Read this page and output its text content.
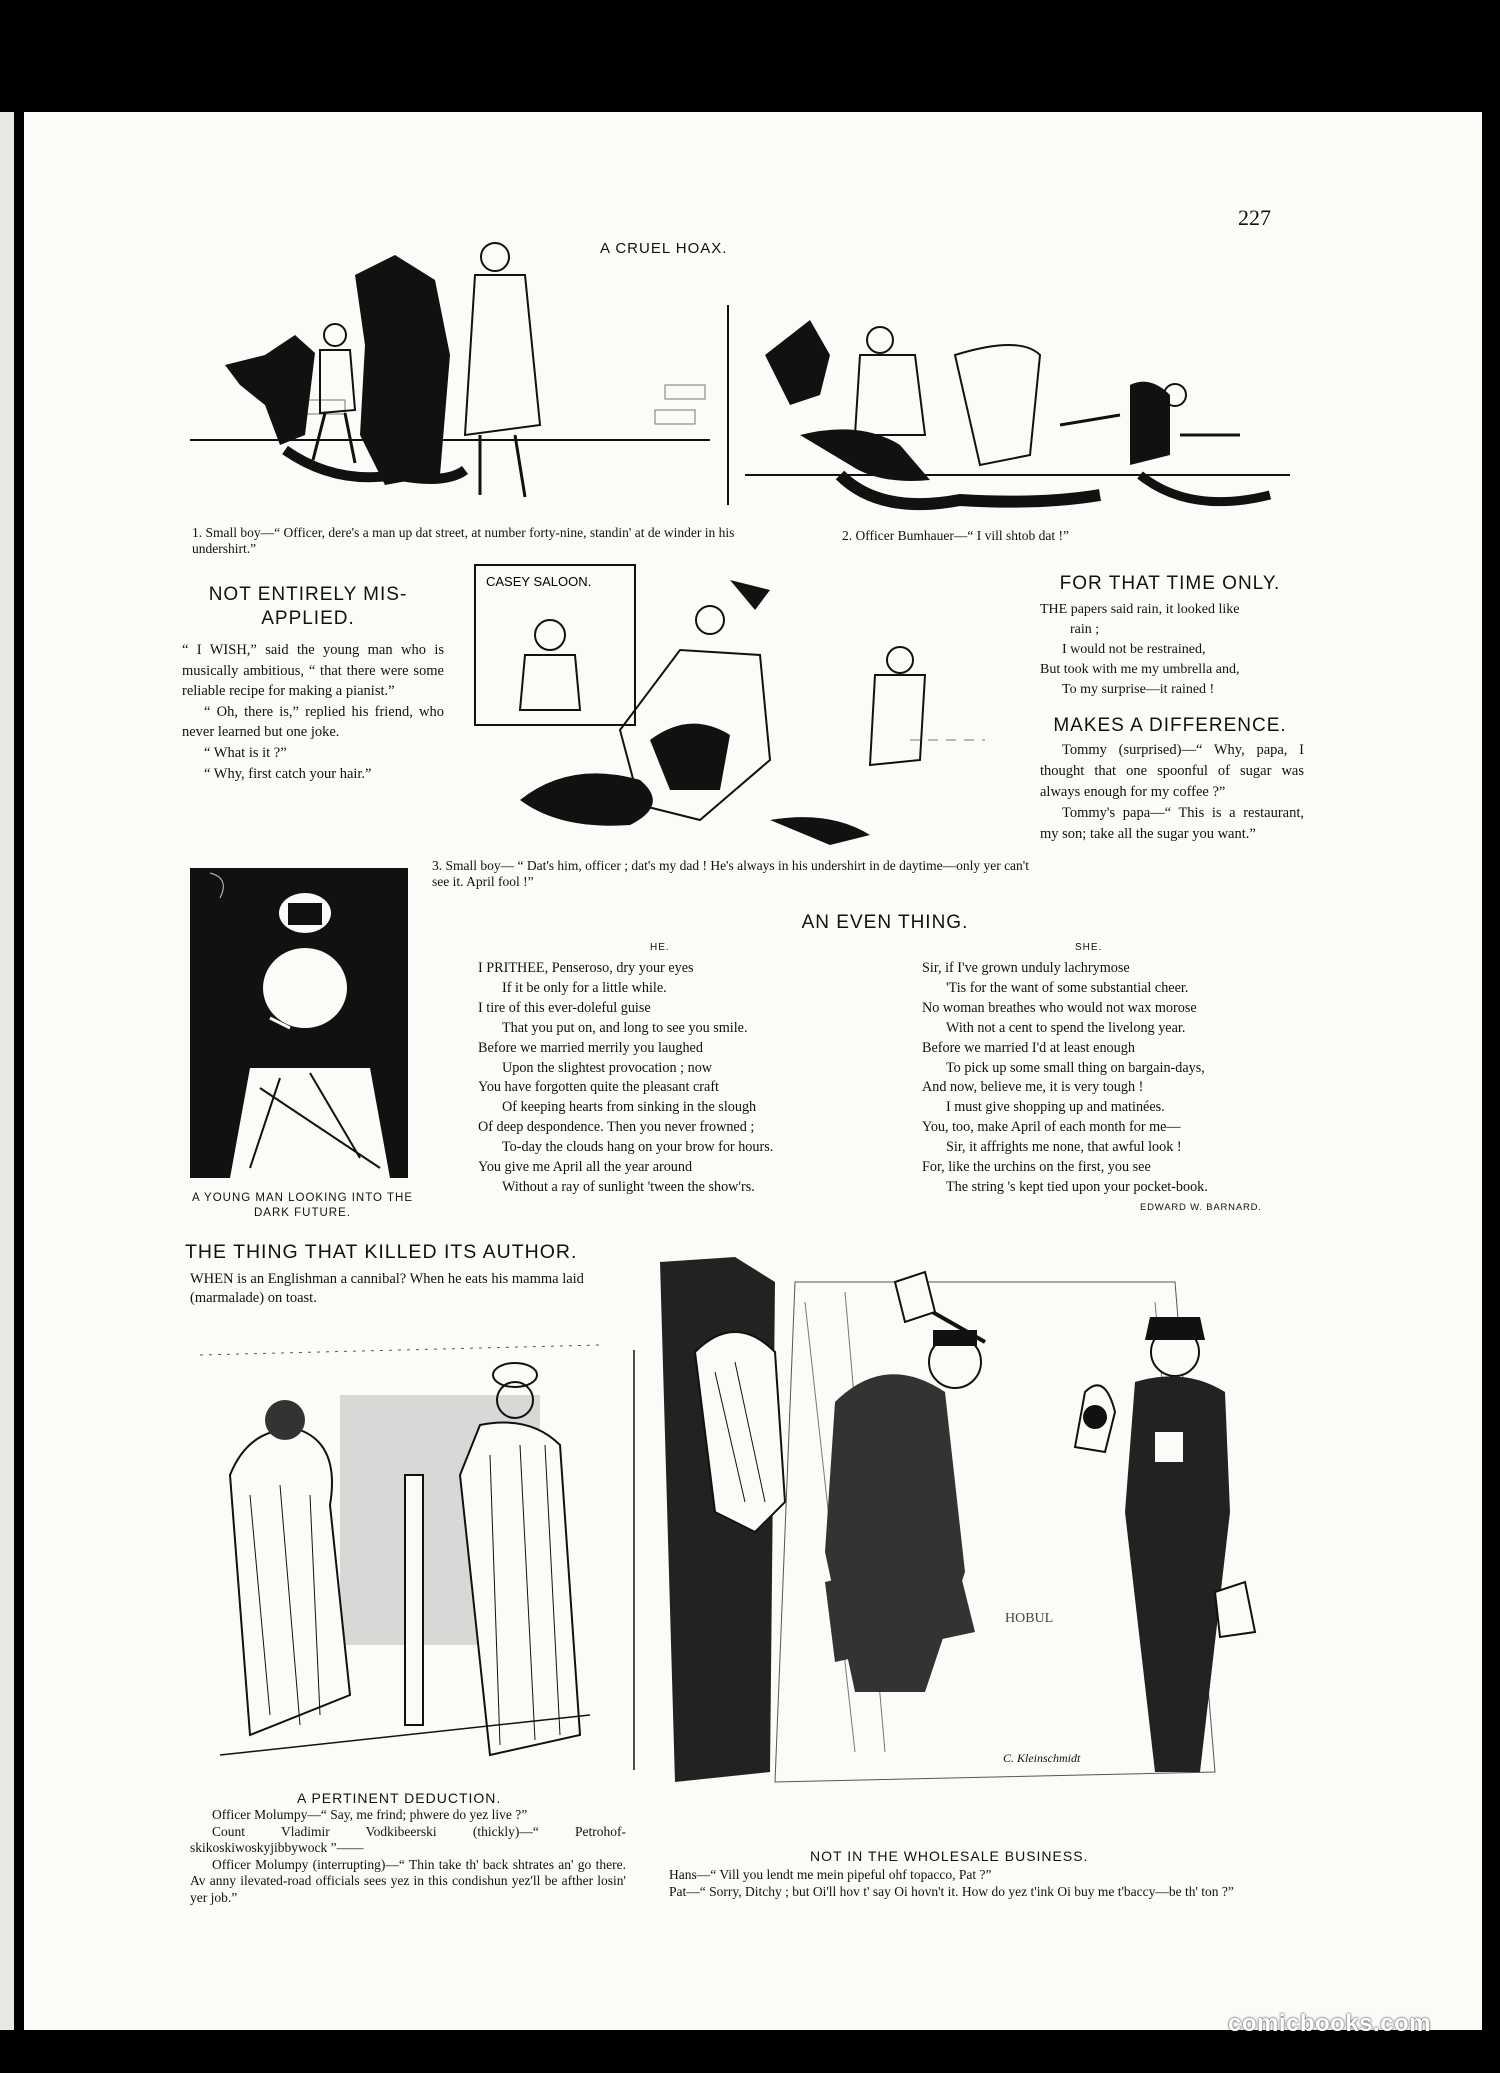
227
A CRUEL HOAX.
1. Small boy—“ Officer, dere's a man up dat street, at number forty-nine, standin' at de winder in his undershirt.”
2. Officer Bumhauer—“ I vill shtob dat !”
CASEY SALOON.
3. Small boy— “ Dat's him, officer ; dat's my dad ! He's always in his undershirt in de daytime—only yer can't see it. April fool !”
NOT ENTIRELY MIS-APPLIED.

“ I WISH,” said the young man who is musically ambitious, “ that there were some reliable recipe for making a pianist.”

“ Oh, there is,” replied his friend, who never learned but one joke.

“ What is it ?”

“ Why, first catch your hair.”

FOR THAT TIME ONLY.
THE papers said rain, it looked like
rain ;
I would not be restrained,
But took with me my umbrella and,
To my surprise—it rained !
MAKES A DIFFERENCE.

Tommy (surprised)—“ Why, papa, I thought that one spoonful of sugar was always enough for my coffee ?”

Tommy's papa—“ This is a restaurant, my son; take all the sugar you want.”

A YOUNG MAN LOOKING INTO THE DARK FUTURE.
AN EVEN THING.
HE.	SHE.
I PRITHEE, Penseroso, dry your eyes
If it be only for a little while.
I tire of this ever-doleful guise
That you put on, and long to see you smile.
Before we married merrily you laughed
Upon the slightest provocation ; now
You have forgotten quite the pleasant craft
Of keeping hearts from sinking in the slough
Of deep despondence. Then you never frowned ;
To-day the clouds hang on your brow for hours.
You give me April all the year around
Without a ray of sunlight 'tween the show'rs.
Sir, if I've grown unduly lachrymose
'Tis for the want of some substantial cheer.
No woman breathes who would not wax morose
With not a cent to spend the livelong year.
Before we married I'd at least enough
To pick up some small thing on bargain-days,
And now, believe me, it is very tough !
I must give shopping up and matinées.
You, too, make April of each month for me—
Sir, it affrights me none, that awful look !
For, like the urchins on the first, you see
The string 's kept tied upon your pocket-book.
EDWARD W. BARNARD.
THE THING THAT KILLED ITS AUTHOR.
WHEN is an Englishman a cannibal? When he eats his mamma laid (marmalade) on toast.
A PERTINENT DEDUCTION.
Officer Molumpy—“ Say, me frind; phwere do yez live ?”
Count Vladimir Vodkibeerski (thickly)—“ Petrohof-skikoskiwoskyjibbywock ”——
Officer Molumpy (interrupting)—“ Thin take th' back shtrates an' go there. Av anny ilevated-road officials sees yez in this condishun yez'll be afther losin' yer job.”
HOBUL
C. Kleinschmidt
NOT IN THE WHOLESALE BUSINESS.
Hans—“ Vill you lendt me mein pipeful ohf topacco, Pat ?”
Pat—“ Sorry, Ditchy ; but Oi'll hov t' say Oi hovn't it. How do yez t'ink Oi buy me t'baccy—be th' ton ?”
comicbooks.com
